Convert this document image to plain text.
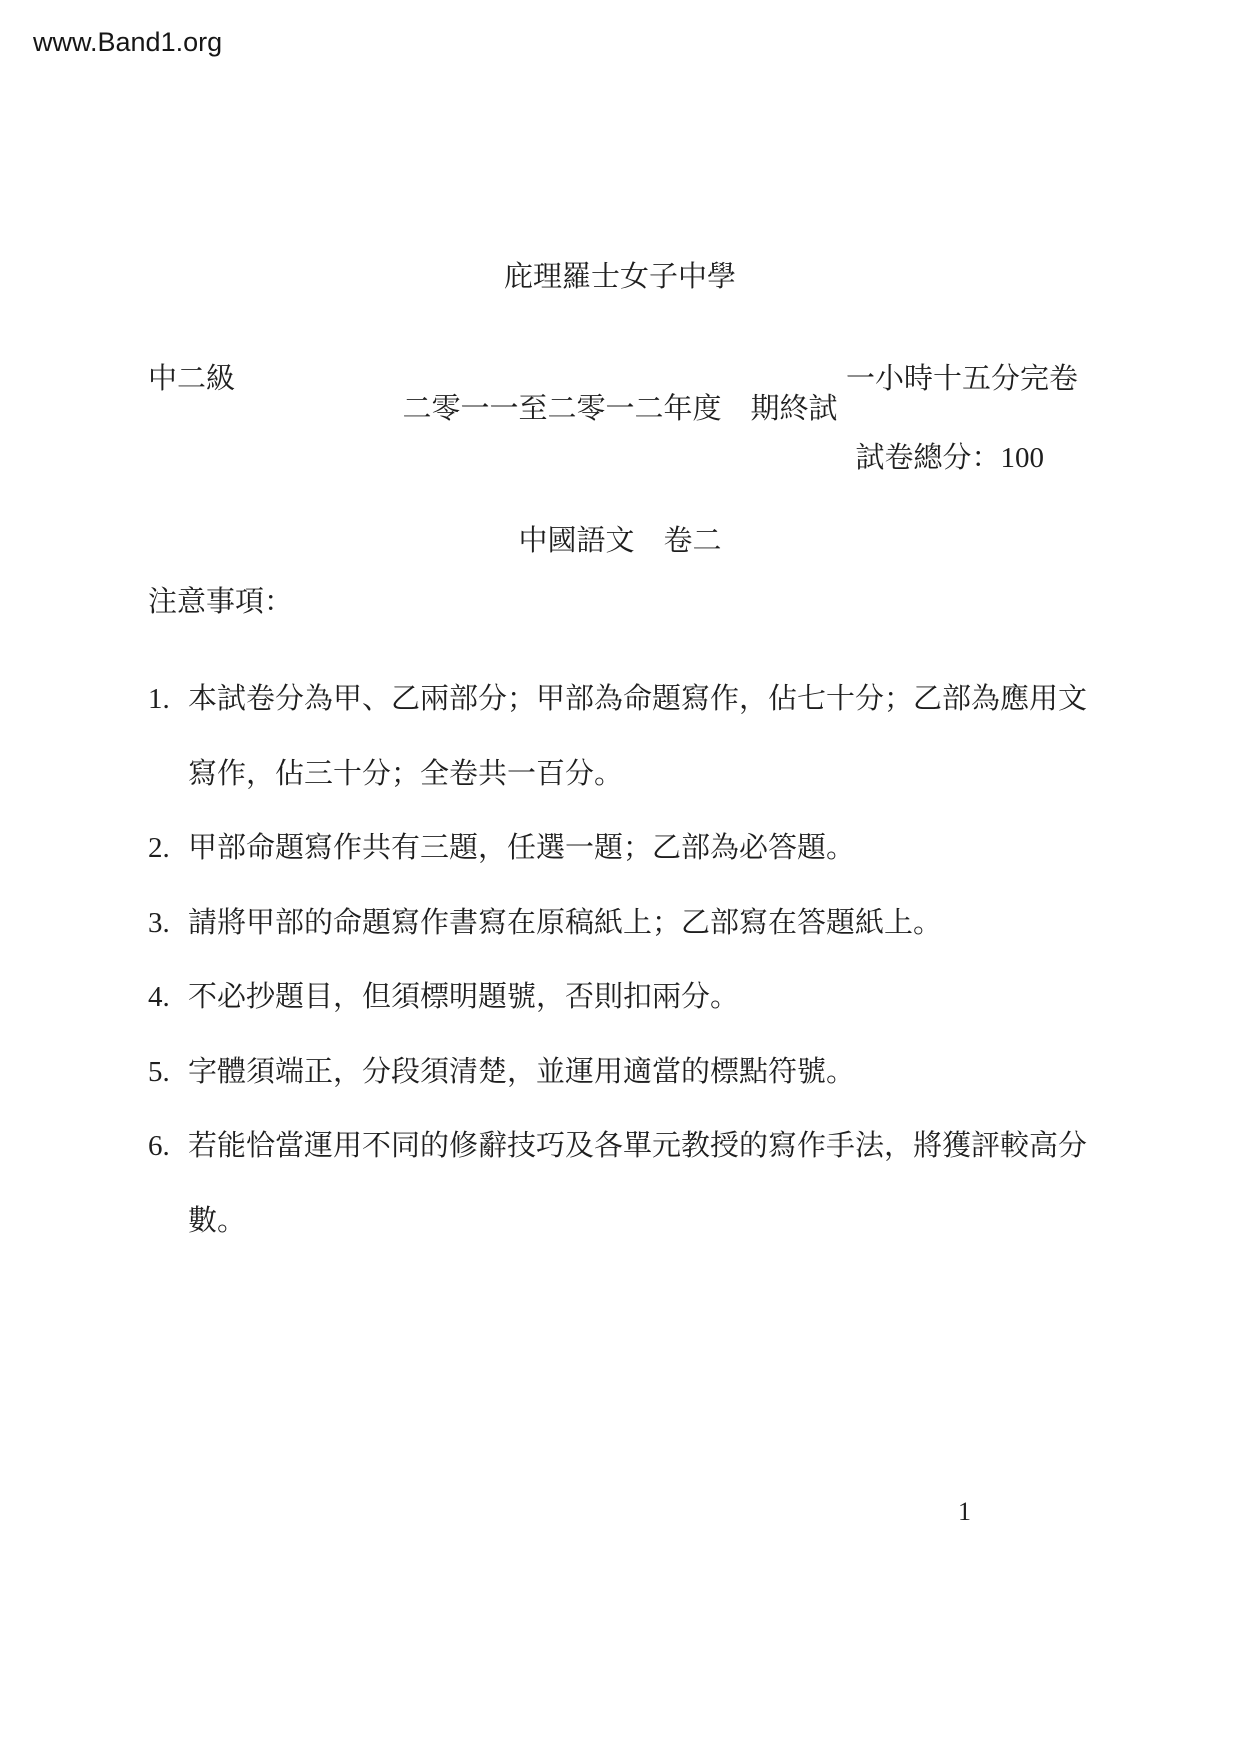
www.Band1.org

庇理羅士女子中學

二零一一至二零一二年度　期終試

中國語文　卷二

中二級	一小時十五分完卷
試卷總分：100
注意事項：
1. 本試卷分為甲、乙兩部分；甲部為命題寫作，佔七十分；乙部為應用文寫作，佔三十分；全卷共一百分。
2. 甲部命題寫作共有三題，任選一題；乙部為必答題。
3. 請將甲部的命題寫作書寫在原稿紙上；乙部寫在答題紙上。
4. 不必抄題目，但須標明題號，否則扣兩分。
5. 字體須端正，分段須清楚，並運用適當的標點符號。
6. 若能恰當運用不同的修辭技巧及各單元教授的寫作手法，將獲評較高分數。
1
